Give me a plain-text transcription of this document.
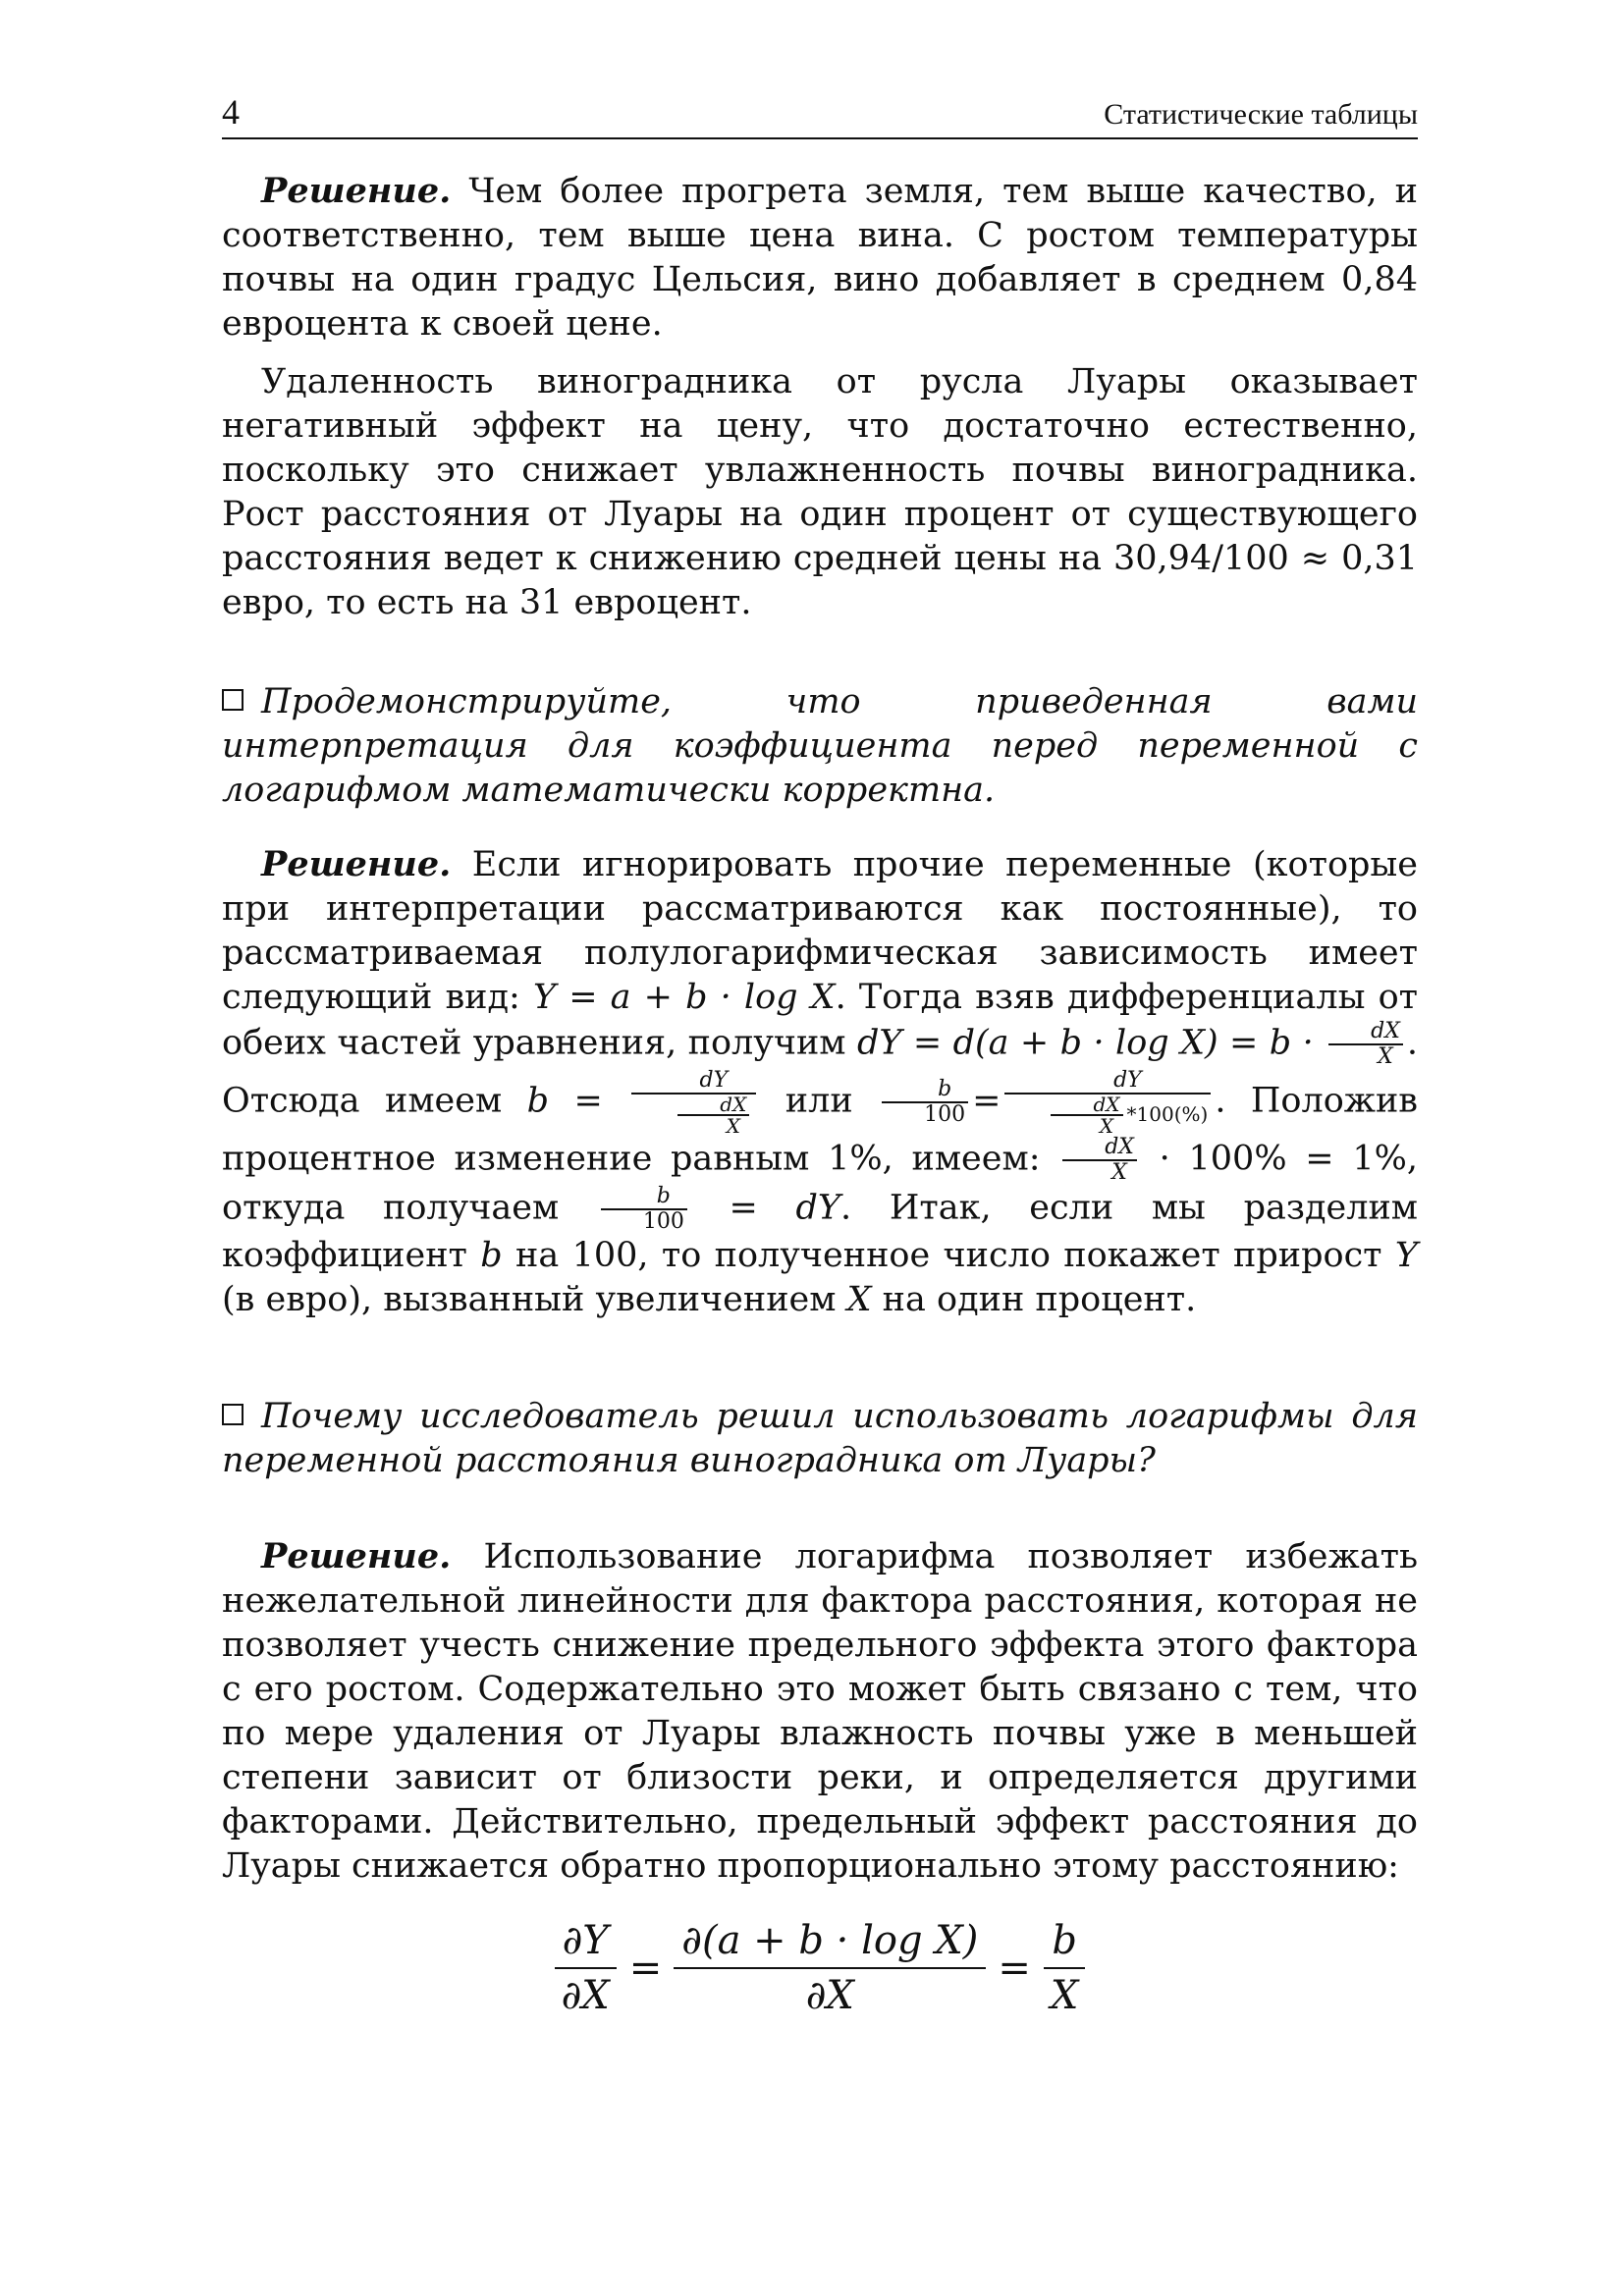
4	Статистические таблицы

Решение. Чем более прогрета земля, тем выше качество, и соответственно, тем выше цена вина. С ростом температуры почвы на один градус Цельсия, вино добавляет в среднем 0,84 евроцента к своей цене.

Удаленность виноградника от русла Луары оказывает негативный эффект на цену, что достаточно естественно, поскольку это снижает увлажненность почвы виноградника. Рост расстояния от Луары на один процент от существующего расстояния ведет к снижению средней цены на 30,94/100 ≈ 0,31 евро, то есть на 31 евроцент.

Продемонстрируйте, что приведенная вами интерпретация для коэффициента перед переменной с логарифмом математически корректна.

Решение. Если игнорировать прочие переменные (которые при интерпретации рассматриваются как постоянные), то рассматриваемая полулогарифмическая зависимость имеет следующий вид: Y = a + b · log X. Тогда взяв дифференциалы от обеих частей уравнения, получим dY = $d(a + b \cdot \log X) = b \cdot \frac{dX}{X}$ . Отсюда имеем $b = \frac{dY}{\frac{dX}{X}}$ или $\frac{b}{100} = \frac{dY}{\frac{dX}{X} *100(\%)}$ . Положив процентное изменение равным 1%, имеем: $\frac{dX}{X} \cdot 100\% = 1\%$, откуда получаем $\frac{b}{100}$ = dY. Итак, если мы разделим коэффициент b на 100, то полученное число покажет прирост Y (в евро), вызванный увеличением X на один процент.

Почему исследователь решил использовать логарифмы для переменной расстояния виноградника от Луары?

Решение. Использование логарифма позволяет избежать нежелательной линейности для фактора расстояния, которая не позволяет учесть снижение предельного эффекта этого фактора с его ростом. Содержательно это может быть связано с тем, что по мере удаления от Луары влажность почвы уже в меньшей степени зависит от близости реки, и определяется другими факторами. Действительно, предельный эффект расстояния до Луары снижается обратно пропорционально этому расстоянию:

$\frac{\partial Y}{\partial X} = \frac{\text{∂(a + b · log X)}}{\partial X} = \frac{b}{X}$
